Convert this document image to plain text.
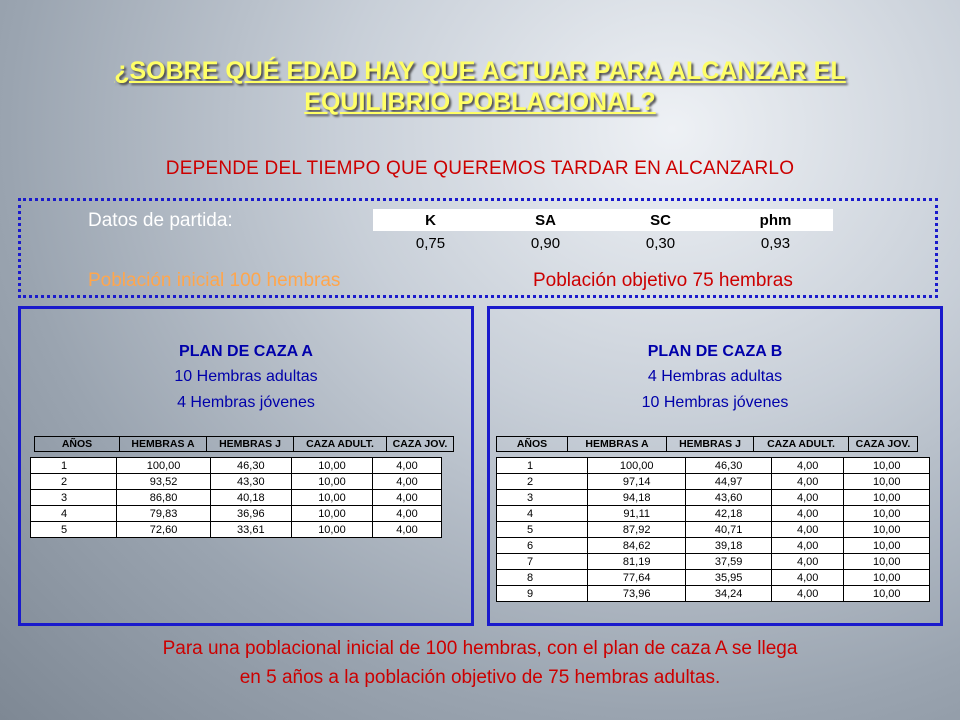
¿SOBRE QUÉ EDAD HAY QUE ACTUAR PARA ALCANZAR EL EQUILIBRIO POBLACIONAL?
DEPENDE DEL TIEMPO QUE QUEREMOS TARDAR EN ALCANZARLO
Datos de partida:	K	SA	SC	phm
0,75	0,90	0,30	0,93
Población inicial 100 hembras	Población objetivo 75 hembras
PLAN DE CAZA A
10 Hembras adultas
4 Hembras jóvenes
AÑOS	HEMBRAS A	HEMBRAS J	CAZA ADULT.	CAZA JOV.
1	100,00	46,30	10,00	4,00
2	93,52	43,30	10,00	4,00
3	86,80	40,18	10,00	4,00
4	79,83	36,96	10,00	4,00
5	72,60	33,61	10,00	4,00
PLAN DE CAZA B
4 Hembras adultas
10 Hembras jóvenes
AÑOS	HEMBRAS A	HEMBRAS J	CAZA ADULT.	CAZA JOV.
1	100,00	46,30	4,00	10,00
2	97,14	44,97	4,00	10,00
3	94,18	43,60	4,00	10,00
4	91,11	42,18	4,00	10,00
5	87,92	40,71	4,00	10,00
6	84,62	39,18	4,00	10,00
7	81,19	37,59	4,00	10,00
8	77,64	35,95	4,00	10,00
9	73,96	34,24	4,00	10,00
Para una poblacional inicial de 100 hembras, con el plan de caza A se llega
en 5 años a la población objetivo de 75 hembras adultas.
